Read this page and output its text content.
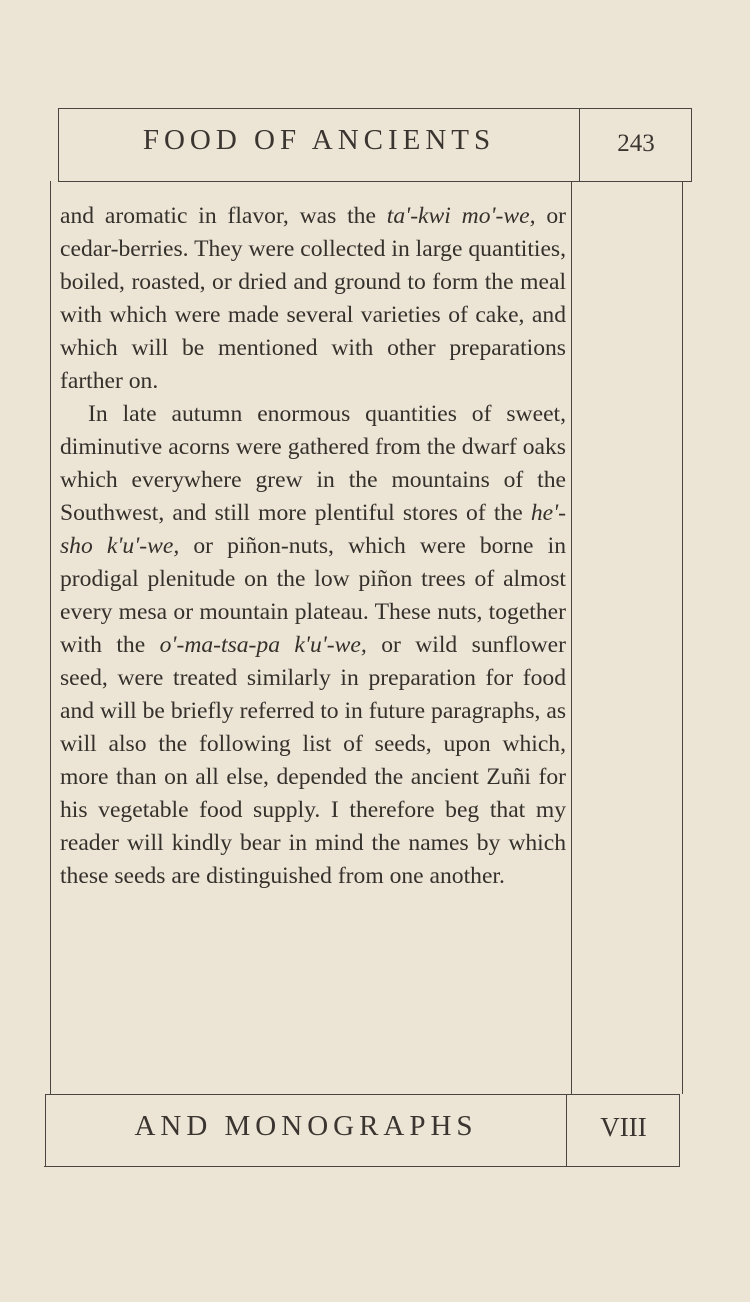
FOOD OF ANCIENTS	243

and aromatic in flavor, was the ta'-kwi mo'-we, or cedar-berries. They were collected in large quantities, boiled, roasted, or dried and ground to form the meal with which were made several varieties of cake, and which will be mentioned with other preparations farther on.

In late autumn enormous quantities of sweet, diminutive acorns were gathered from the dwarf oaks which everywhere grew in the mountains of the Southwest, and still more plentiful stores of the he'-sho k'u'-we, or piñon-nuts, which were borne in prodigal plenitude on the low piñon trees of almost every mesa or mountain plateau. These nuts, together with the o'-ma-tsa-pa k'u'-we, or wild sunflower seed, were treated similarly in preparation for food and will be briefly referred to in future paragraphs, as will also the following list of seeds, upon which, more than on all else, depended the ancient Zuñi for his vegetable food supply. I therefore beg that my reader will kindly bear in mind the names by which these seeds are distinguished from one another.

AND MONOGRAPHS	VIII
